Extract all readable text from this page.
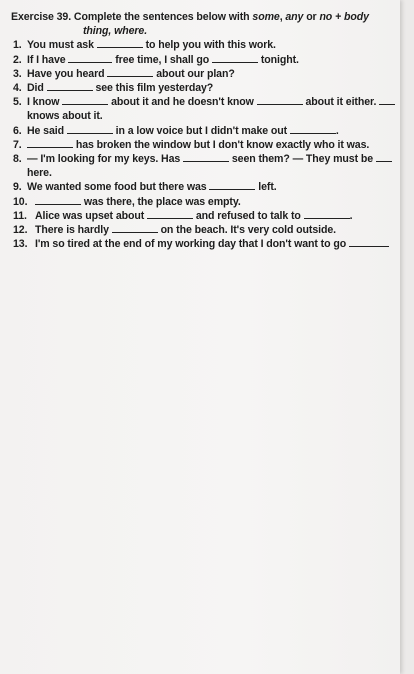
Exercise 39. Complete the sentences below with some, any or no + body
thing, where.
1. You must ask	to help you with this work.
2. If I have	free time, I shall go	tonight.
3. Have you heard	about our plan?
4. Did	see this film yesterday?
5. I know	about it and he doesn't know	about it either.
knows about it.
6. He said	in a low voice but I didn't make out	.
7.	has broken the window but I don't know exactly who it was.
8. — I'm looking for my keys. Has	seen them? — They must be
here.
9. We wanted some food but there was	left.
10.	was there, the place was empty.
11. Alice was upset about	and refused to talk to	.
12. There is hardly	on the beach. It's very cold outside.
13. I'm so tired at the end of my working day that I don't want to go
